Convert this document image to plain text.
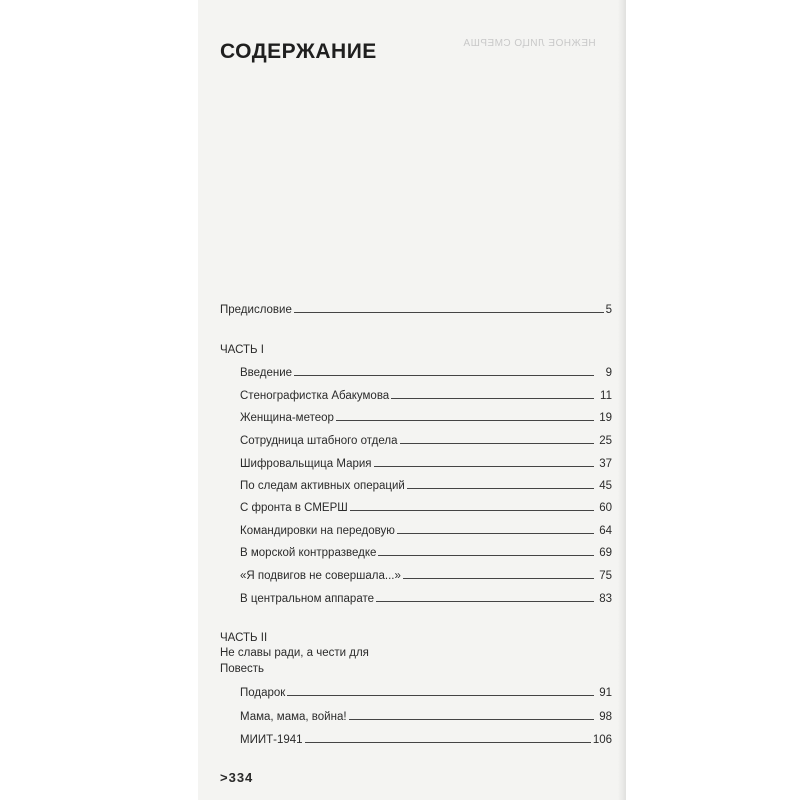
НЕЖНОЕ ЛИЦО СМЕРША
СОДЕРЖАНИЕ
Предисловие	5
ЧАСТЬ I
Введение	9
Стенографистка Абакумова	11
Женщина-метеор	19
Сотрудница штабного отдела	25
Шифровальщица Мария	37
По следам активных операций	45
С фронта в СМЕРШ	60
Командировки на передовую	64
В морской контрразведке	69
«Я подвигов не совершала...»	75
В центральном аппарате	83
ЧАСТЬ II
Не славы ради, а чести для
Повесть
Подарок	91
Мама, мама, война!	98
МИИТ-1941	106
>334
